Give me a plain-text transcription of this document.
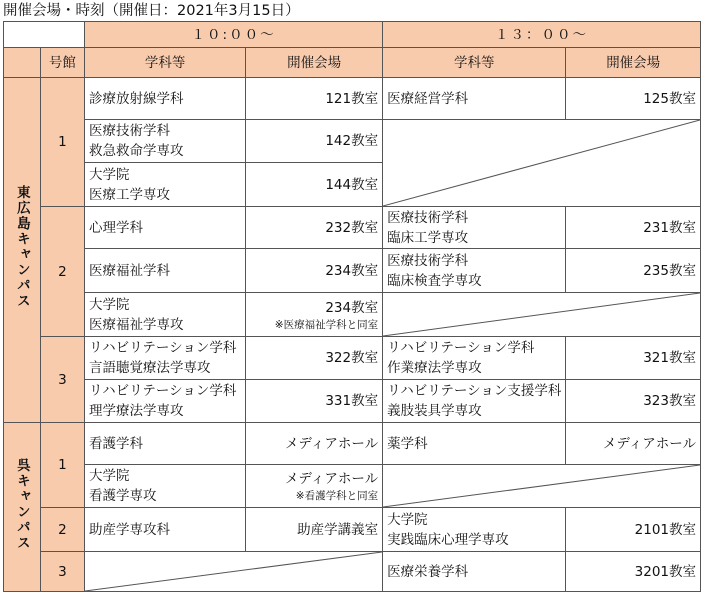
開催会場・時刻（開催日：2021年3月15日）
		１０:００～		１３：００～	
	号館	学科等	開催会場	学科等	開催会場
東広島キャンパス	1	診療放射線学科	121教室	医療経営学科	125教室

		医療技術学科
救急救命学専攻	142教室

		大学院
医療工学専攻	144教室		

	2	心理学科	232教室	医療技術学科
臨床工学専攻	231教室

		医療福祉学科	234教室	医療技術学科
臨床検査学専攻	235教室

		大学院
医療福祉学専攻	234教室
※医療福祉学科と同室

	3	リハビリテーション学科
言語聴覚療法学専攻	322教室	リハビリテーション学科
作業療法学専攻	321教室

		リハビリテーション学科
理学療法学専攻	331教室	リハビリテーション支援学科
義肢装具学専攻	323教室

呉キャンパス	1	看護学科	メディアホール	薬学科	メディアホール

		大学院
看護学専攻	メディアホール
※看護学科と同室

	2	助産学専攻科	助産学講義室	大学院
実践臨床心理学専攻	2101教室

	3			医療栄養学科	3201教室
